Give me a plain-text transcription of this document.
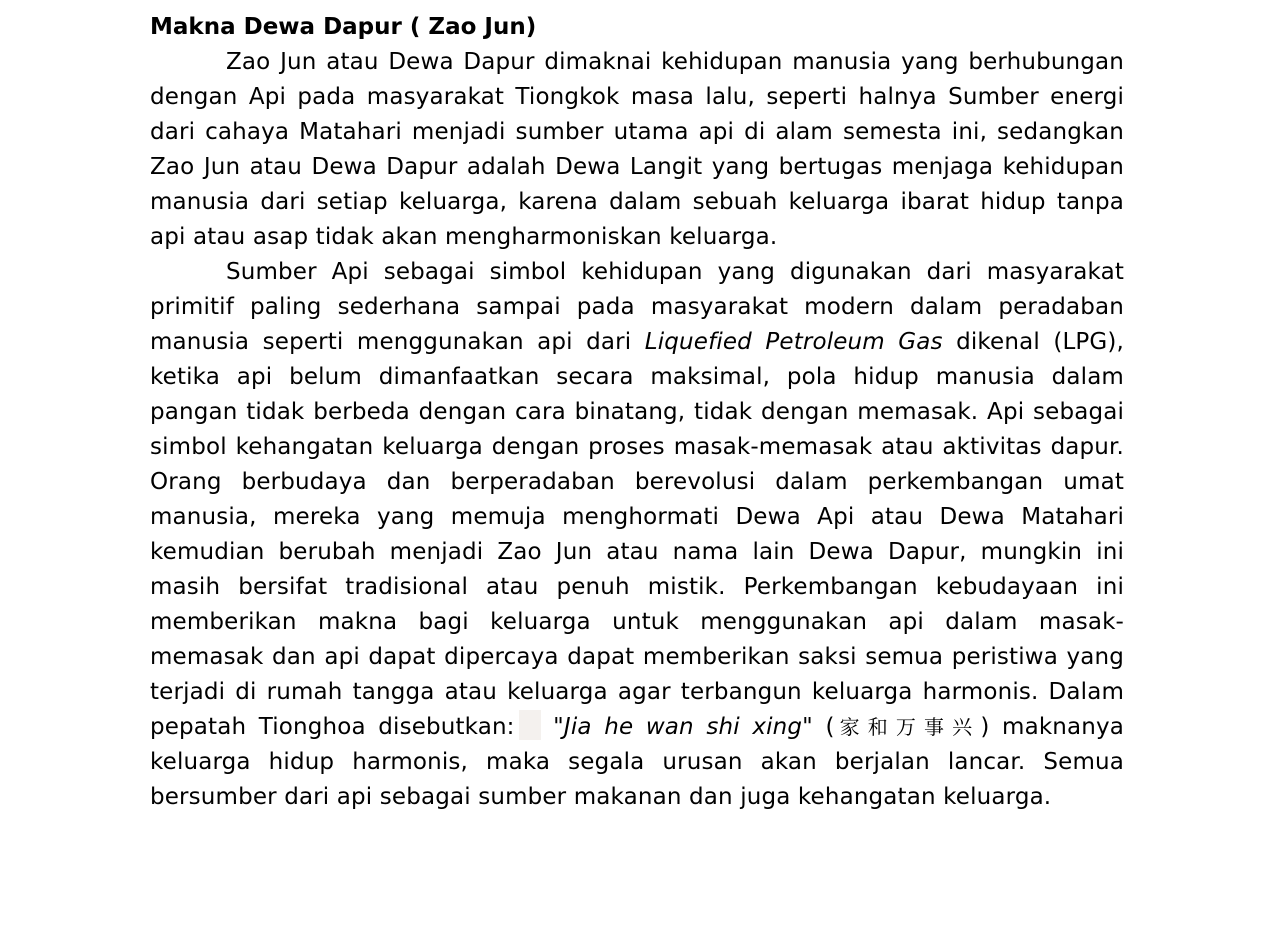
Makna Dewa Dapur ( Zao Jun)

Zao Jun atau Dewa Dapur dimaknai kehidupan manusia yang berhubungan dengan Api pada masyarakat Tiongkok masa lalu, seperti halnya Sumber energi dari cahaya Matahari menjadi sumber utama api di alam semesta ini, sedangkan Zao Jun atau Dewa Dapur adalah Dewa Langit yang bertugas menjaga kehidupan manusia dari setiap keluarga, karena dalam sebuah keluarga ibarat hidup tanpa api atau asap tidak akan mengharmoniskan keluarga.

Sumber Api sebagai simbol kehidupan yang digunakan dari masyarakat primitif paling sederhana sampai pada masyarakat modern dalam peradaban manusia seperti menggunakan api dari Liquefied Petroleum Gas dikenal (LPG), ketika api belum dimanfaatkan secara maksimal, pola hidup manusia dalam pangan tidak berbeda dengan cara binatang, tidak dengan memasak. Api sebagai simbol kehangatan keluarga dengan proses masak-memasak atau aktivitas dapur. Orang berbudaya dan berperadaban berevolusi dalam perkembangan umat manusia, mereka yang memuja menghormati Dewa Api atau Dewa Matahari kemudian berubah menjadi Zao Jun atau nama lain Dewa Dapur, mungkin ini masih bersifat tradisional atau penuh mistik. Perkembangan kebudayaan ini memberikan makna bagi keluarga untuk menggunakan api dalam masak-memasak dan api dapat dipercaya dapat memberikan saksi semua peristiwa yang terjadi di rumah tangga atau keluarga agar terbangun keluarga harmonis. Dalam pepatah Tionghoa disebutkan: "Jia he wan shi xing" (家和万事兴) maknanya keluarga hidup harmonis, maka segala urusan akan berjalan lancar. Semua bersumber dari api sebagai sumber makanan dan juga kehangatan keluarga.
